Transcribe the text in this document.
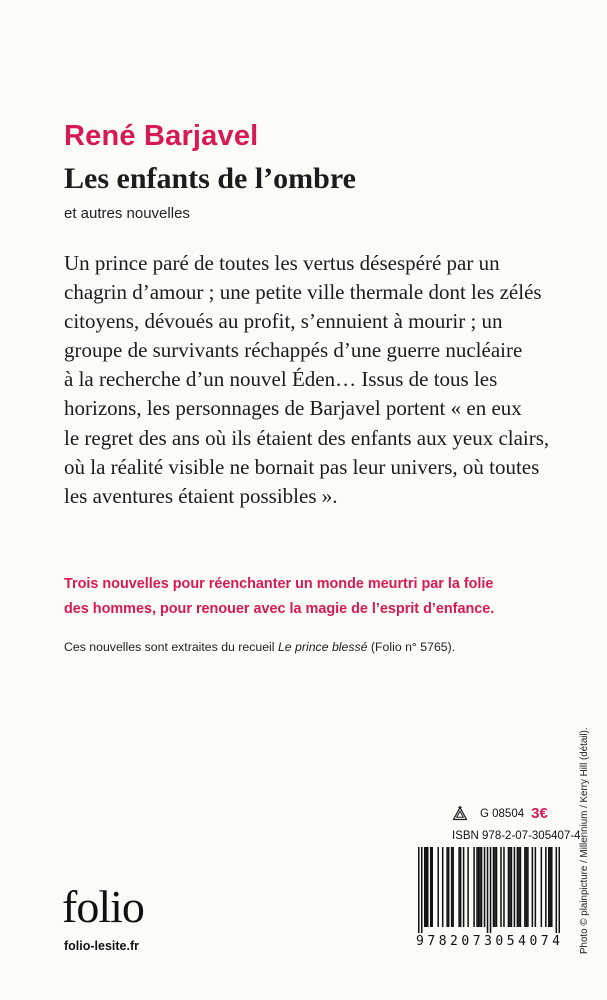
René Barjavel
Les enfants de l’ombre
et autres nouvelles
Un prince paré de toutes les vertus désespéré par un
chagrin d’amour ; une petite ville thermale dont les zélés
citoyens, dévoués au profit, s’ennuient à mourir ; un
groupe de survivants réchappés d’une guerre nucléaire
à la recherche d’un nouvel Éden… Issus de tous les
horizons, les personnages de Barjavel portent « en eux
le regret des ans où ils étaient des enfants aux yeux clairs,
où la réalité visible ne bornait pas leur univers, où toutes
les aventures étaient possibles ».
Trois nouvelles pour réenchanter un monde meurtri par la folie
des hommes, pour renouer avec la magie de l’esprit d’enfance.
Ces nouvelles sont extraites du recueil Le prince blessé (Folio n° 5765).
folio
folio-lesite.fr
G 08504 3€
ISBN 978-2-07-305407-4
9 7 8 2 0 7 3 0 5 4 0 7 4 Photo © plainpicture / Millennium / Kerry Hill (détail).
